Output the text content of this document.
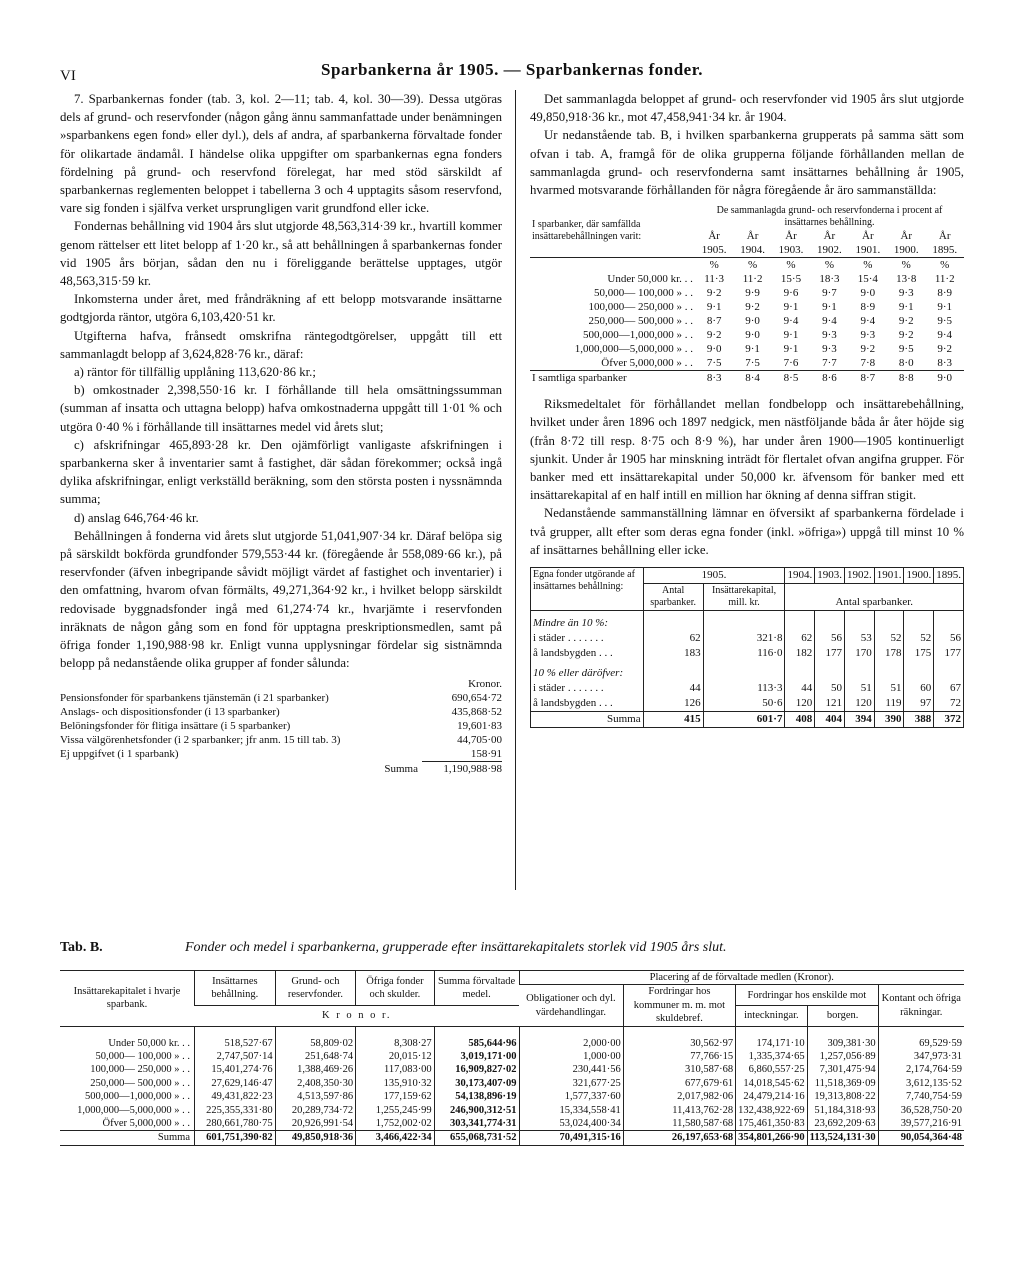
VI	Sparbankerna år 1905. — Sparbankernas fonder.

7. Sparbankernas fonder (tab. 3, kol. 2—11; tab. 4, kol. 30—39). Dessa utgöras dels af grund- och reservfonder (någon gång ännu sammanfattade under benämningen »sparbankens egen fond» eller dyl.), dels af andra, af sparbankerna förvaltade fonder för olikartade ändamål. I händelse olika uppgifter om sparbankernas egna fonders fördelning på grund- och reservfond förelegat, har med stöd särskildt af sparbankernas reglementen beloppet i tabellerna 3 och 4 upptagits såsom reservfond, vare sig fonden i själfva verket ursprungligen varit grundfond eller icke.

Fondernas behållning vid 1904 års slut utgjorde 48,563,314·39 kr., hvartill kommer genom rättelser ett litet belopp af 1·20 kr., så att behållningen å sparbankernas fonder vid 1905 års början, sådan den nu i föreliggande berättelse upptages, utgör 48,563,315·59 kr.

Inkomsterna under året, med fråndräkning af ett belopp motsvarande insättarne godtgjorda räntor, utgöra 6,103,420·51 kr.

Utgifterna hafva, frånsedt omskrifna räntegodtgörelser, uppgått till ett sammanlagdt belopp af 3,624,828·76 kr., däraf:

a) räntor för tillfällig upplåning 113,620·86 kr.;

b) omkostnader 2,398,550·16 kr. I förhållande till hela omsättningssumman (summan af insatta och uttagna belopp) hafva omkostnaderna uppgått till 1·01 % och utgöra 0·40 % i förhållande till insättarnes medel vid årets slut;

c) afskrifningar 465,893·28 kr. Den ojämförligt vanligaste afskrifningen i sparbankerna sker å inventarier samt å fastighet, där sådan förekommer; också ingå dylika afskrifningar, enligt verkställd beräkning, som den största posten i nyssnämnda summa;

d) anslag 646,764·46 kr.

Behållningen å fonderna vid årets slut utgjorde 51,041,907·34 kr. Däraf belöpa sig på särskildt bokförda grundfonder 579,553·44 kr. (föregående år 558,089·66 kr.), på reservfonder (äfven inbegripande såvidt möjligt värdet af fastighet och inventarier) i den omfattning, hvarom ofvan förmälts, 49,271,364·92 kr., i hvilket belopp särskildt redovisade byggnadsfonder ingå med 61,274·74 kr., hvarjämte i reservfonden inräknats de någon gång som en fond för upptagna preskriptionsmedlen, samt på öfriga fonder 1,190,988·98 kr. Enligt vunna upplysningar fördelar sig sistnämnda belopp på nedanstående olika grupper af fonder sålunda:

	Kronor.
Pensionsfonder för sparbankens tjänstemän (i 21 sparbanker)	690,654·72
Anslags- och dispositionsfonder (i 13 sparbanker)	435,868·52
Belöningsfonder för flitiga insättare (i 5 sparbanker)	19,601·83
Vissa välgörenhetsfonder (i 2 sparbanker; jfr anm. 15 till tab. 3)	44,705·00
Ej uppgifvet (i 1 sparbank)	158·91
Summa	1,190,988·98

Det sammanlagda beloppet af grund- och reservfonder vid 1905 års slut utgjorde 49,850,918·36 kr., mot 47,458,941·34 kr. år 1904.

Ur nedanstående tab. B, i hvilken sparbankerna grupperats på samma sätt som ofvan i tab. A, framgå för de olika grupperna följande förhållanden mellan de sammanlagda grund- och reservfonderna samt insättarnes behållning år 1905, hvarmed motsvarande förhållanden för några föregående år äro sammanställda:

I sparbanker, där samfällda insättarebehållningen varit:	De sammanlagda grund- och reservfonderna i procent af insättarnes behållning.						
	År	År	År	År	År	År	År
	1905.	1904.	1903.	1902.	1901.	1900.	1895.
	%	%	%	%	%	%	%
Under 50,000 kr. . .	11·3	11·2	15·5	18·3	15·4	13·8	11·2
50,000— 100,000 » . .	9·2	9·9	9·6	9·7	9·0	9·3	8·9
100,000— 250,000 » . .	9·1	9·2	9·1	9·1	8·9	9·1	9·1
250,000— 500,000 » . .	8·7	9·0	9·4	9·4	9·4	9·2	9·5
500,000—1,000,000 » . .	9·2	9·0	9·1	9·3	9·3	9·2	9·4
1,000,000—5,000,000 » . .	9·0	9·1	9·1	9·3	9·2	9·5	9·2
Öfver 5,000,000 » . .	7·5	7·5	7·6	7·7	7·8	8·0	8·3
I samtliga sparbanker	8·3	8·4	8·5	8·6	8·7	8·8	9·0

Riksmedeltalet för förhållandet mellan fondbelopp och insättarebehållning, hvilket under åren 1896 och 1897 nedgick, men nästföljande båda år åter höjde sig (från 8·72 till resp. 8·75 och 8·9 %), har under åren 1900—1905 kontinuerligt sjunkit. Under år 1905 har minskning inträdt för flertalet ofvan angifna grupper. För banker med ett insättarekapital under 50,000 kr. äfvensom för banker med ett insättarekapital af en half intill en million har ökning af denna siffran stigit.

Nedanstående sammanställning lämnar en öfversikt af sparbankerna fördelade i två grupper, allt efter som deras egna fonder (inkl. »öfriga») uppgå till minst 10 % af insättarnes behållning eller icke.

Egna fonder utgörande af insättarnes behållning:	1905.		1904.	1903.	1902.	1901.	1900.	1895.
	Antal sparbanker.	Insättarekapital, mill. kr.	Antal sparbanker.					
Mindre än 10 %:								
i städer . . . . . . .	62	321·8	62	56	53	52	52	56
å landsbygden . . .	183	116·0	182	177	170	178	175	177
10 % eller däröfver:								
i städer . . . . . . .	44	113·3	44	50	51	51	60	67
å landsbygden . . .	126	50·6	120	121	120	119	97	72
Summa	415	601·7	408	404	394	390	388	372
Tab. B.	Fonder och medel i sparbankerna, grupperade efter insättarekapitalets storlek vid 1905 års slut.
Insättarekapitalet i hvarje sparbank.	Insättarnes behållning.	Grund- och reservfonder.	Öfriga fonder och skulder.	Summa förvaltade medel.	Placering af de förvaltade medlen (Kronor).				
					Obligationer och dyl. värdehandlingar.	Fordringar hos kommuner m. m. mot skuldebref.	Fordringar hos enskilde mot		Kontant och öfriga räkningar.
	K r o n o r.						inteckningar.	borgen.	
Under 50,000 kr. . .	518,527·67	58,809·02	8,308·27	585,644·96	2,000·00	30,562·97	174,171·10	309,381·30	69,529·59
50,000— 100,000 » . .	2,747,507·14	251,648·74	20,015·12	3,019,171·00	1,000·00	77,766·15	1,335,374·65	1,257,056·89	347,973·31
100,000— 250,000 » . .	15,401,274·76	1,388,469·26	117,083·00	16,909,827·02	230,441·56	310,587·68	6,860,557·25	7,301,475·94	2,174,764·59
250,000— 500,000 » . .	27,629,146·47	2,408,350·30	135,910·32	30,173,407·09	321,677·25	677,679·61	14,018,545·62	11,518,369·09	3,612,135·52
500,000—1,000,000 » . .	49,431,822·23	4,513,597·86	177,159·62	54,138,896·19	1,577,337·60	2,017,982·06	24,479,214·16	19,313,808·22	7,740,754·59
1,000,000—5,000,000 » . .	225,355,331·80	20,289,734·72	1,255,245·99	246,900,312·51	15,334,558·41	11,413,762·28	132,438,922·69	51,184,318·93	36,528,750·20
Öfver 5,000,000 » . .	280,661,780·75	20,926,991·54	1,752,002·02	303,341,774·31	53,024,400·34	11,580,587·68	175,461,350·83	23,692,209·63	39,577,216·91
Summa	601,751,390·82	49,850,918·36	3,466,422·34	655,068,731·52	70,491,315·16	26,197,653·68	354,801,266·90	113,524,131·30	90,054,364·48
